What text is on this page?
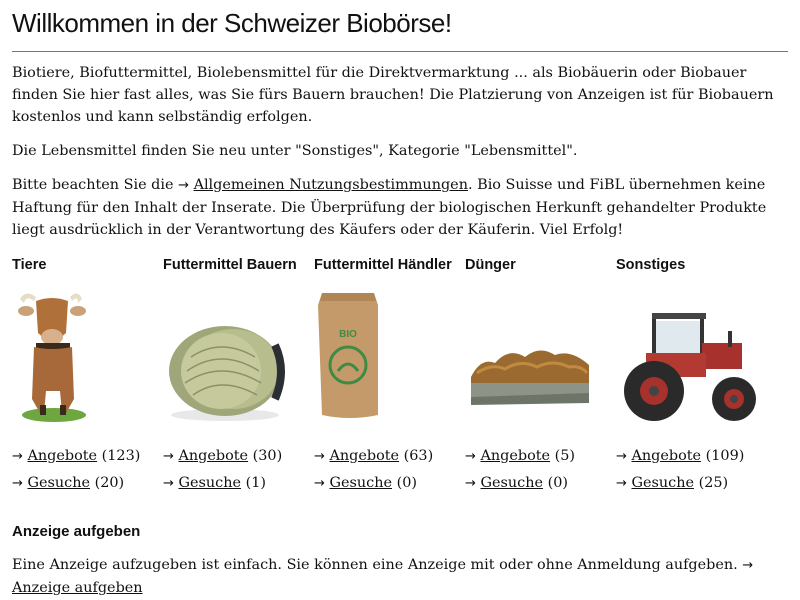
Willkommen in der Schweizer Biobörse!

Biotiere, Biofuttermittel, Biolebensmittel für die Direktvermarktung ... als Biobäuerin oder Biobauer finden Sie hier fast alles, was Sie fürs Bauern brauchen! Die Platzierung von Anzeigen ist für Biobauern kostenlos und kann selbständig erfolgen.

Die Lebensmittel finden Sie neu unter "Sonstiges", Kategorie "Lebensmittel".

Bitte beachten Sie die → Allgemeinen Nutzungsbestimmungen. Bio Suisse und FiBL übernehmen keine Haftung für den Inhalt der Inserate. Die Überprüfung der biologischen Herkunft gehandelter Produkte liegt ausdrücklich in der Verantwortung des Käufers oder der Käuferin. Viel Erfolg!

Tiere
→ Angebote (123)
→ Gesuche (20)
Futtermittel Bauern
→ Angebote (30)
→ Gesuche (1)
Futtermittel Händler
BIO
→ Angebote (63)
→ Gesuche (0)
Dünger
→ Angebote (5)
→ Gesuche (0)
Sonstiges
→ Angebote (109)
→ Gesuche (25)
Anzeige aufgeben

Eine Anzeige aufzugeben ist einfach. Sie können eine Anzeige mit oder ohne Anmeldung aufgeben. → Anzeige aufgeben
